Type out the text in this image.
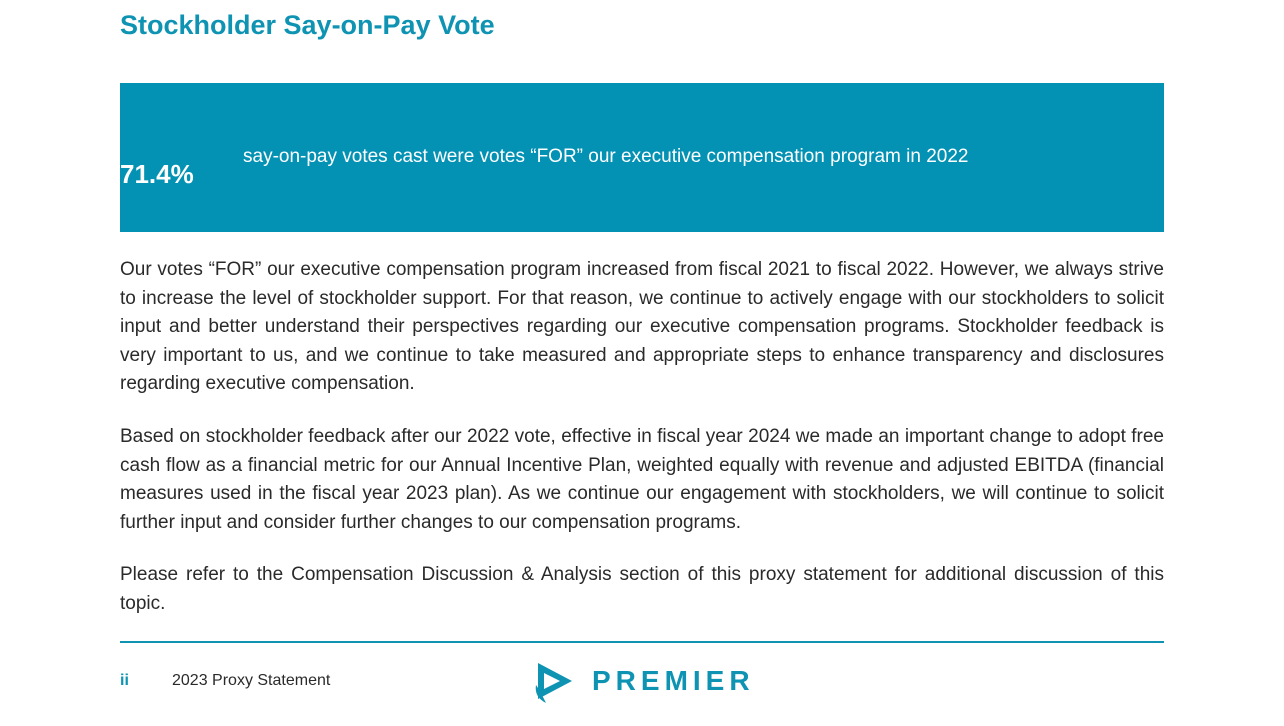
Stockholder Say-on-Pay Vote
71.4%
say-on-pay votes cast were votes “FOR” our executive compensation program in 2022

Our votes “FOR” our executive compensation program increased from fiscal 2021 to fiscal 2022. However, we always strive to increase the level of stockholder support. For that reason, we continue to actively engage with our stockholders to solicit input and better understand their perspectives regarding our executive compensation programs. Stockholder feedback is very important to us, and we continue to take measured and appropriate steps to enhance transparency and disclosures regarding executive compensation.

Based on stockholder feedback after our 2022 vote, effective in fiscal year 2024 we made an important change to adopt free cash flow as a financial metric for our Annual Incentive Plan, weighted equally with revenue and adjusted EBITDA (financial measures used in the fiscal year 2023 plan). As we continue our engagement with stockholders, we will continue to solicit further input and consider further changes to our compensation programs.

Please refer to the Compensation Discussion & Analysis section of this proxy statement for additional discussion of this topic.

ii	2023 Proxy Statement	PREMIER
